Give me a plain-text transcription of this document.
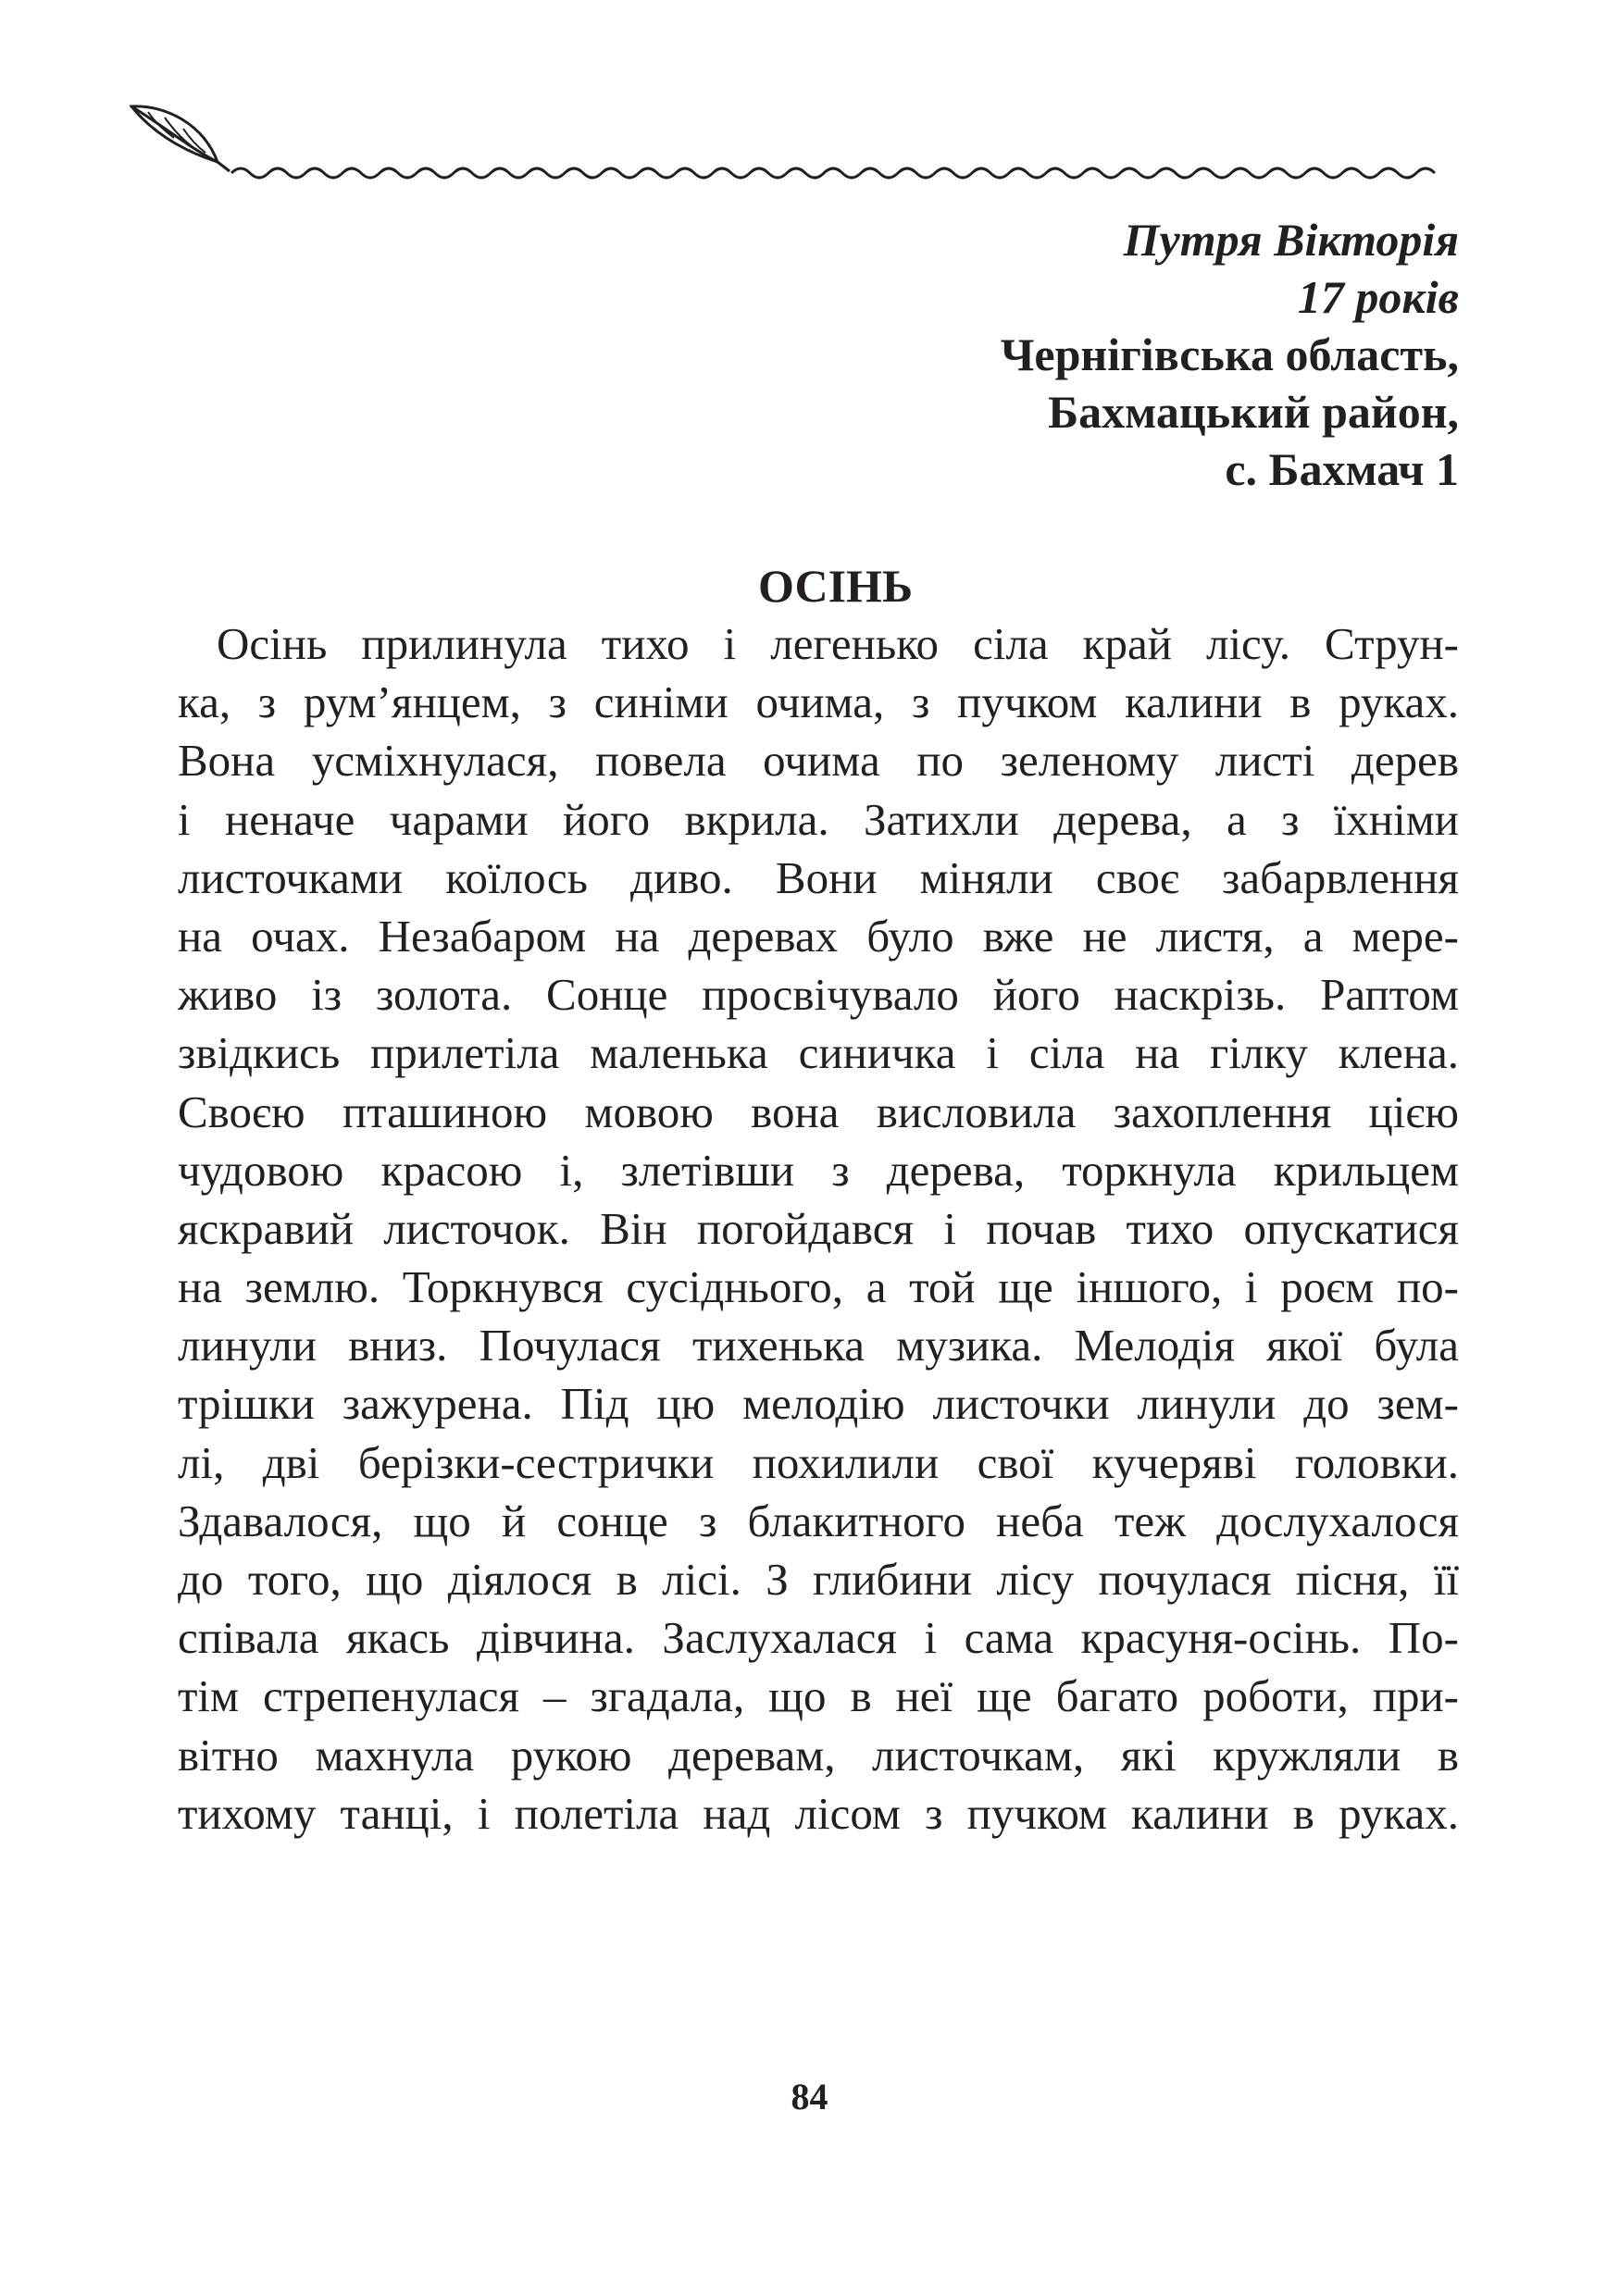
Путря Вікторія
17 років
Чернігівська область,
Бахмацький район,
с. Бахмач 1
ОСІНЬ
Осінь прилинула тихо і легенько сіла край лісу. Струн-
ка, з рум’янцем, з синіми очима, з пучком калини в руках.
Вона усміхнулася, повела очима по зеленому листі дерев
і неначе чарами його вкрила. Затихли дерева, а з їхніми
листочками коїлось диво. Вони міняли своє забарвлення
на очах. Незабаром на деревах було вже не листя, а мере-
живо із золота. Сонце просвічувало його наскрізь. Раптом
звідкись прилетіла маленька синичка і сіла на гілку клена.
Своєю пташиною мовою вона висловила захоплення цією
чудовою красою і, злетівши з дерева, торкнула крильцем
яскравий листочок. Він погойдався і почав тихо опускатися
на землю. Торкнувся сусіднього, а той ще іншого, і роєм по-
линули вниз. Почулася тихенька музика. Мелодія якої була
трішки зажурена. Під цю мелодію листочки линули до зем-
лі, дві берізки-сестрички похилили свої кучеряві головки.
Здавалося, що й сонце з блакитного неба теж дослухалося
до того, що діялося в лісі. З глибини лісу почулася пісня, її
співала якась дівчина. Заслухалася і сама красуня-осінь. По-
тім стрепенулася – згадала, що в неї ще багато роботи, при-
вітно махнула рукою деревам, листочкам, які кружляли в
тихому танці, і полетіла над лісом з пучком калини в руках.
84
